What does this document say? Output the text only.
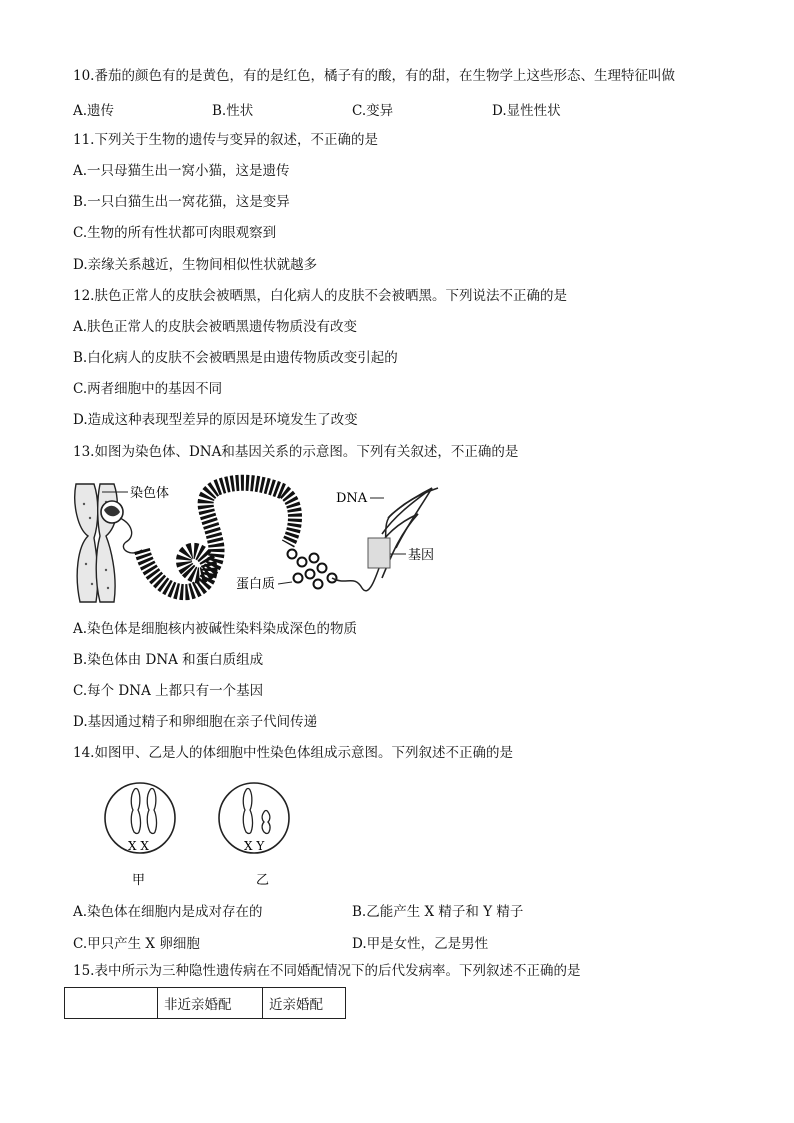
10.番茄的颜色有的是黄色，有的是红色，橘子有的酸，有的甜，在生物学上这些形态、生理特征叫做
A.遗传	B.性状	C.变异	D.显性性状
11.下列关于生物的遗传与变异的叙述，不正确的是
A.一只母猫生出一窝小猫，这是遗传
B.一只白猫生出一窝花猫，这是变异
C.生物的所有性状都可肉眼观察到
D.亲缘关系越近，生物间相似性状就越多
12.肤色正常人的皮肤会被晒黑，白化病人的皮肤不会被晒黑。下列说法不正确的是
A.肤色正常人的皮肤会被晒黑遗传物质没有改变
B.白化病人的皮肤不会被晒黑是由遗传物质改变引起的
C.两者细胞中的基因不同
D.造成这种表现型差异的原因是环境发生了改变
13.如图为染色体、DNA和基因关系的示意图。下列有关叙述，不正确的是
染色体
蛋白质
基因
DNA
A.染色体是细胞核内被碱性染料染成深色的物质
B.染色体由 DNA 和蛋白质组成
C.每个 DNA 上都只有一个基因
D.基因通过精子和卵细胞在亲子代间传递
14.如图甲、乙是人的体细胞中性染色体组成示意图。下列叙述不正确的是
X X	X Y
甲	乙
A.染色体在细胞内是成对存在的	B.乙能产生 X 精子和 Y 精子
C.甲只产生 X 卵细胞	D.甲是女性，乙是男性
15.表中所示为三种隐性遗传病在不同婚配情况下的后代发病率。下列叙述不正确的是
	非近亲婚配	近亲婚配
